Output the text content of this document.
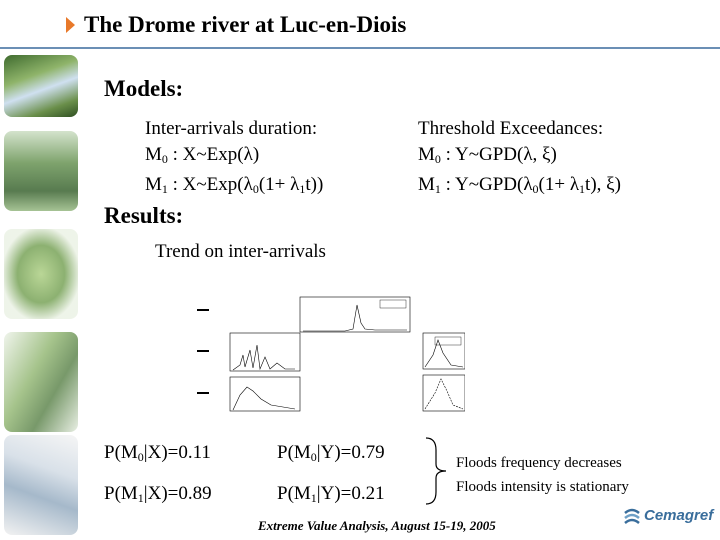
The Drome river at Luc-en-Diois
Models:
Results:
Inter-arrivals duration:
$M_0$ : X~Exp(λ)
$M_1$ : $X\sim Exp(\lambda_0(1+ \lambda_1t))$
Threshold Exceedances:
$M_0$ : Y~GPD(λ, ξ)
$M_1$ : $Y\sim GPD(\lambda_0(1+ \lambda_1t)$, ξ)
Trend on inter-arrivals
$P(M_0|X)=0.11$
$P(M_1|X)=0.89$
$P(M_0|Y)=0.79$
$P(M_1|Y)=0.21$
Floods frequency decreases
Floods intensity is stationary
Extreme Value Analysis, August 15-19, 2005
Cemagref
